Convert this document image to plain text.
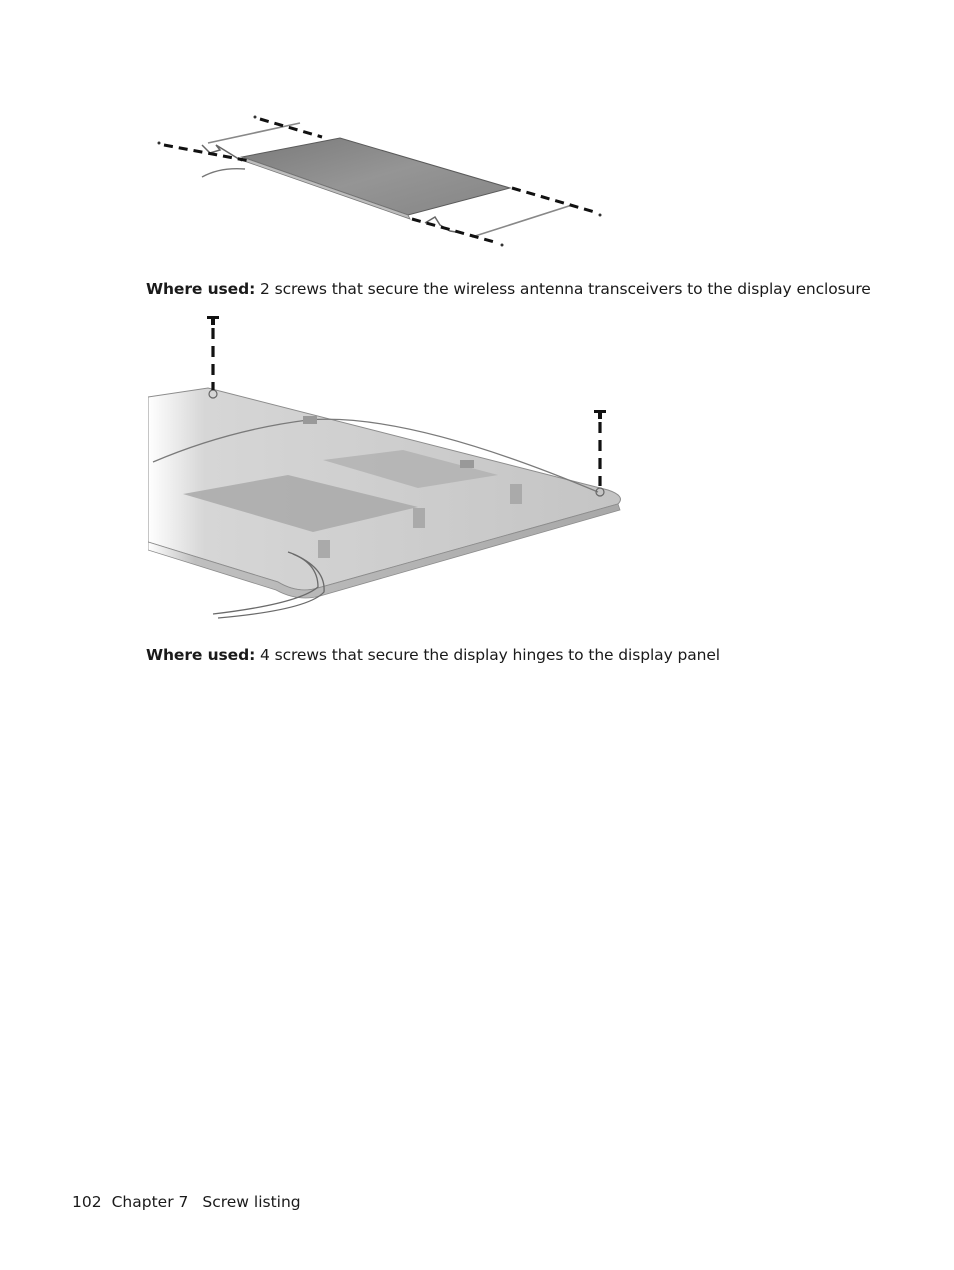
Where used: 2 screws that secure the wireless antenna transceivers to the display enclosure
Where used: 4 screws that secure the display hinges to the display panel
102 Chapter 7 Screw listing
